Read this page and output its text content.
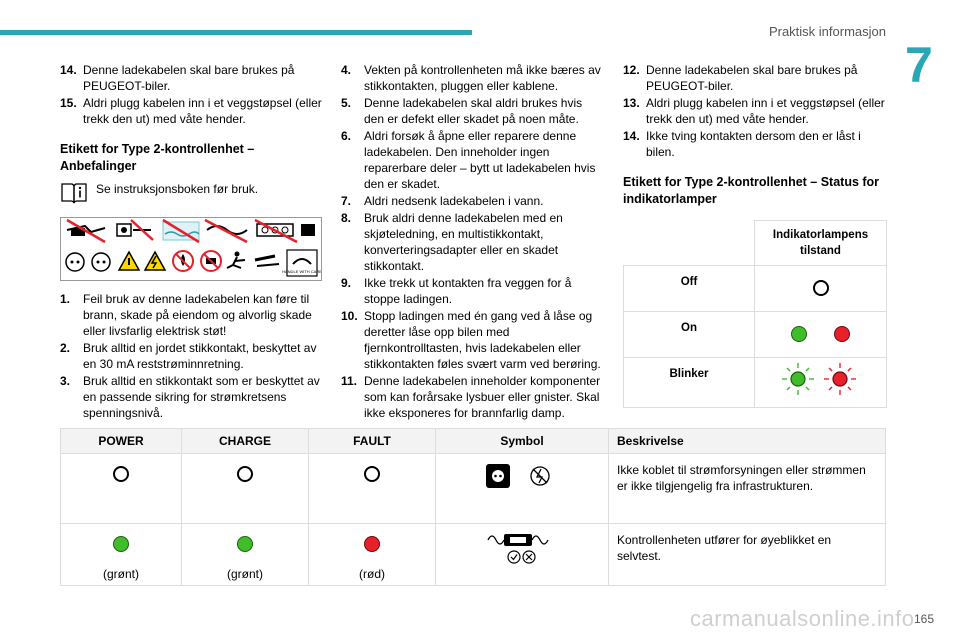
Praktisk informasjon
7
14. Denne ladekabelen skal bare brukes på PEUGEOT-biler.
15. Aldri plugg kabelen inn i et veggstøpsel (eller trekk den ut) med våte hender.
Etikett for Type 2-kontrollenhet – Anbefalinger
Se instruksjonsboken før bruk.
HANDLE WITH CARE
1. Feil bruk av denne ladekabelen kan føre til brann, skade på eiendom og alvorlig skade eller livsfarlig elektrisk støt!
2. Bruk alltid en jordet stikkontakt, beskyttet av en 30 mA reststrøminnretning.
3. Bruk alltid en stikkontakt som er beskyttet av en passende sikring for strømkretsens spenningsnivå.
4. Vekten på kontrollenheten må ikke bæres av stikkontakten, pluggen eller kablene.
5. Denne ladekabelen skal aldri brukes hvis den er defekt eller skadet på noen måte.
6. Aldri forsøk å åpne eller reparere denne ladekabelen. Den inneholder ingen reparerbare deler – bytt ut ladekabelen hvis den er skadet.
7. Aldri nedsenk ladekabelen i vann.
8. Bruk aldri denne ladekabelen med en skjøteledning, en multistikkontakt, konverteringsadapter eller en skadet stikkontakt.
9. Ikke trekk ut kontakten fra veggen for å stoppe ladingen.
10. Stopp ladingen med én gang ved å låse og deretter låse opp bilen med fjernkontrolltasten, hvis ladekabelen eller stikkontakten føles svært varm ved berøring.
11. Denne ladekabelen inneholder komponenter som kan forårsake lysbuer eller gnister. Skal ikke eksponeres for brannfarlig damp.
12. Denne ladekabelen skal bare brukes på PEUGEOT-biler.
13. Aldri plugg kabelen inn i et veggstøpsel (eller trekk den ut) med våte hender.
14. Ikke tving kontakten dersom den er låst i bilen.
Etikett for Type 2-kontrollenhet – Status for indikatorlamper
	Indikatorlampens tilstand
Off	
On	
Blinker	
POWER	CHARGE	FAULT	Symbol	Beskrivelse
				Ikke koblet til strømforsyningen eller strømmen er ikke tilgjengelig fra infrastrukturen.

(grønt)	(grønt)	(rød)		Kontrollenheten utfører for øyeblikket en selvtest.
carmanualsonline.info 165
